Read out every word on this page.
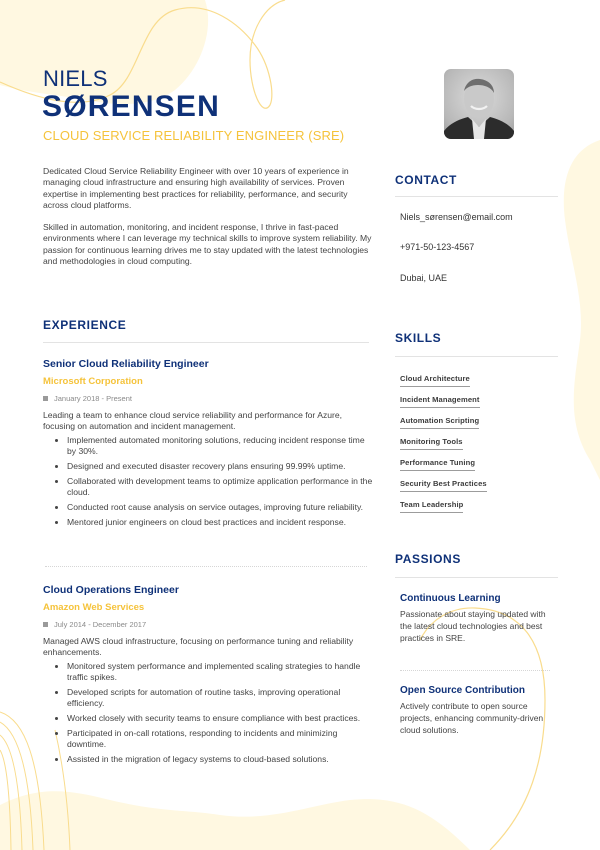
NIELS
SØRENSEN
CLOUD SERVICE RELIABILITY ENGINEER (SRE)

Dedicated Cloud Service Reliability Engineer with over 10 years of experience in managing cloud infrastructure and ensuring high availability of services. Proven expertise in implementing best practices for reliability, performance, and security across cloud platforms.

Skilled in automation, monitoring, and incident response, I thrive in fast-paced environments where I can leverage my technical skills to improve system reliability. My passion for continuous learning drives me to stay updated with the latest technologies and methodologies in cloud computing.

EXPERIENCE

Senior Cloud Reliability Engineer

Microsoft Corporation

January 2018 - Present

Leading a team to enhance cloud service reliability and performance for Azure, focusing on automation and incident management.

Implemented automated monitoring solutions, reducing incident response time by 30%.
Designed and executed disaster recovery plans ensuring 99.99% uptime.
Collaborated with development teams to optimize application performance in the cloud.
Conducted root cause analysis on service outages, improving future reliability.
Mentored junior engineers on cloud best practices and incident response.

Cloud Operations Engineer

Amazon Web Services

July 2014 - December 2017

Managed AWS cloud infrastructure, focusing on performance tuning and reliability enhancements.

Monitored system performance and implemented scaling strategies to handle traffic spikes.
Developed scripts for automation of routine tasks, improving operational efficiency.
Worked closely with security teams to ensure compliance with best practices.
Participated in on-call rotations, responding to incidents and minimizing downtime.
Assisted in the migration of legacy systems to cloud-based solutions.
CONTACT
Niels_sørensen@email.com
+971-50-123-4567
Dubai, UAE
SKILLS
Cloud Architecture
Incident Management
Automation Scripting
Monitoring Tools
Performance Tuning
Security Best Practices
Team Leadership
PASSIONS

Continuous Learning

Passionate about staying updated with the latest cloud technologies and best practices in SRE.

Open Source Contribution

Actively contribute to open source projects, enhancing community-driven cloud solutions.
